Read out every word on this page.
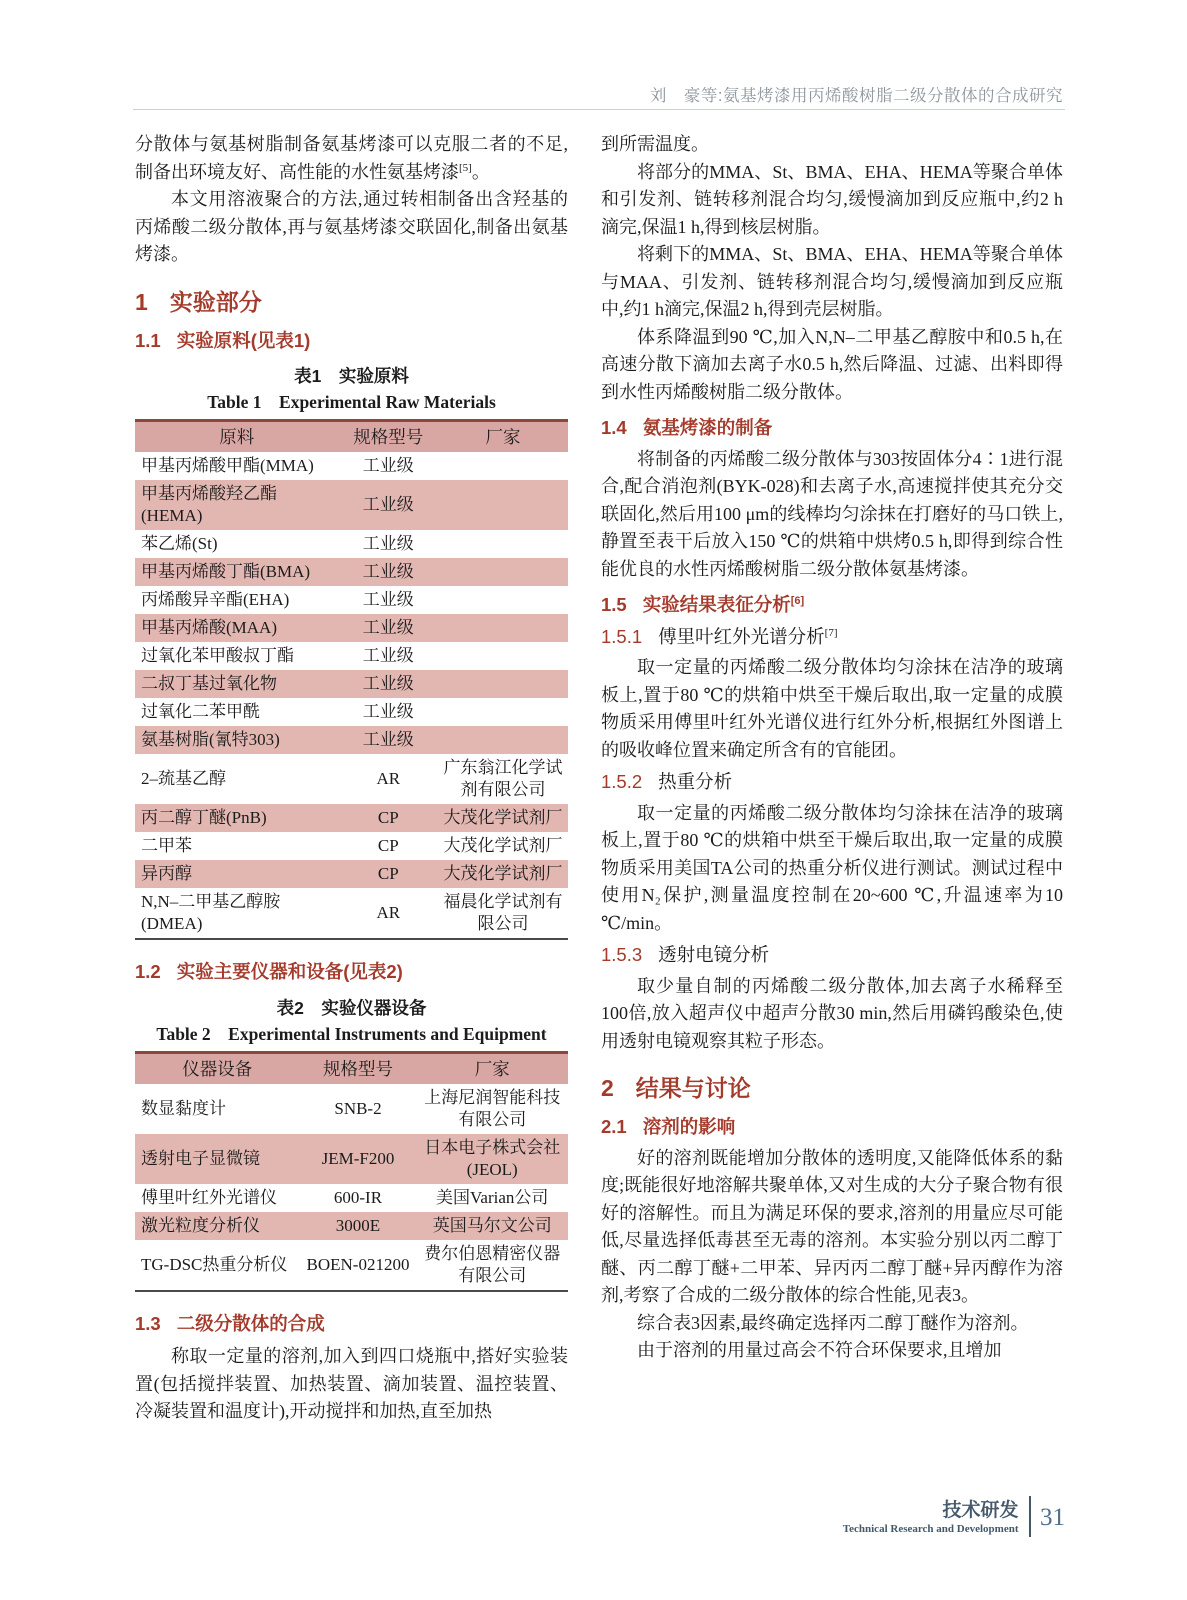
刘　豪等:氨基烤漆用丙烯酸树脂二级分散体的合成研究

分散体与氨基树脂制备氨基烤漆可以克服二者的不足,制备出环境友好、高性能的水性氨基烤漆[5]。

本文用溶液聚合的方法,通过转相制备出含羟基的丙烯酸二级分散体,再与氨基烤漆交联固化,制备出氨基烤漆。

1 实验部分
1.1 实验原料(见表1)
表1　实验原料
Table 1　Experimental Raw Materials
原料	规格型号	厂家
甲基丙烯酸甲酯(MMA)	工业级	
甲基丙烯酸羟乙酯 (HEMA)	工业级	
苯乙烯(St)	工业级	
甲基丙烯酸丁酯(BMA)	工业级	
丙烯酸异辛酯(EHA)	工业级	
甲基丙烯酸(MAA)	工业级	
过氧化苯甲酸叔丁酯	工业级	
二叔丁基过氧化物	工业级	
过氧化二苯甲酰	工业级	
氨基树脂(氰特303)	工业级	
2–巯基乙醇	AR	广东翁江化学试剂有限公司
丙二醇丁醚(PnB)	CP	大茂化学试剂厂
二甲苯	CP	大茂化学试剂厂
异丙醇	CP	大茂化学试剂厂
N,N–二甲基乙醇胺 (DMEA)	AR	福晨化学试剂有限公司
1.2 实验主要仪器和设备(见表2)
表2　实验仪器设备
Table 2　Experimental Instruments and Equipment
仪器设备	规格型号	厂家
数显黏度计	SNB-2	上海尼润智能科技有限公司
透射电子显微镜	JEM-F200	日本电子株式会社 (JEOL)
傅里叶红外光谱仪	600-IR	美国Varian公司
激光粒度分析仪	3000E	英国马尔文公司
TG-DSC热重分析仪	BOEN-021200	费尔伯恩精密仪器有限公司
1.3 二级分散体的合成

称取一定量的溶剂,加入到四口烧瓶中,搭好实验装置(包括搅拌装置、加热装置、滴加装置、温控装置、冷凝装置和温度计),开动搅拌和加热,直至加热

到所需温度。

将部分的MMA、St、BMA、EHA、HEMA等聚合单体和引发剂、链转移剂混合均匀,缓慢滴加到反应瓶中,约2 h滴完,保温1 h,得到核层树脂。

将剩下的MMA、St、BMA、EHA、HEMA等聚合单体与MAA、引发剂、链转移剂混合均匀,缓慢滴加到反应瓶中,约1 h滴完,保温2 h,得到壳层树脂。

体系降温到90 ℃,加入N,N–二甲基乙醇胺中和0.5 h,在高速分散下滴加去离子水0.5 h,然后降温、过滤、出料即得到水性丙烯酸树脂二级分散体。

1.4 氨基烤漆的制备

将制备的丙烯酸二级分散体与303按固体分4∶1进行混合,配合消泡剂(BYK-028)和去离子水,高速搅拌使其充分交联固化,然后用100 μm的线棒均匀涂抹在打磨好的马口铁上,静置至表干后放入150 ℃的烘箱中烘烤0.5 h,即得到综合性能优良的水性丙烯酸树脂二级分散体氨基烤漆。

1.5 实验结果表征分析[6]
1.5.1 傅里叶红外光谱分析[7]

取一定量的丙烯酸二级分散体均匀涂抹在洁净的玻璃板上,置于80 ℃的烘箱中烘至干燥后取出,取一定量的成膜物质采用傅里叶红外光谱仪进行红外分析,根据红外图谱上的吸收峰位置来确定所含有的官能团。

1.5.2 热重分析

取一定量的丙烯酸二级分散体均匀涂抹在洁净的玻璃板上,置于80 ℃的烘箱中烘至干燥后取出,取一定量的成膜物质采用美国TA公司的热重分析仪进行测试。测试过程中使用N₂保护,测量温度控制在20~600 ℃,升温速率为10 ℃/min。

1.5.3 透射电镜分析

取少量自制的丙烯酸二级分散体,加去离子水稀释至100倍,放入超声仪中超声分散30 min,然后用磷钨酸染色,使用透射电镜观察其粒子形态。

2 结果与讨论
2.1 溶剂的影响

好的溶剂既能增加分散体的透明度,又能降低体系的黏度;既能很好地溶解共聚单体,又对生成的大分子聚合物有很好的溶解性。而且为满足环保的要求,溶剂的用量应尽可能低,尽量选择低毒甚至无毒的溶剂。本实验分别以丙二醇丁醚、丙二醇丁醚+二甲苯、异丙丙二醇丁醚+异丙醇作为溶剂,考察了合成的二级分散体的综合性能,见表3。

综合表3因素,最终确定选择丙二醇丁醚作为溶剂。

由于溶剂的用量过高会不符合环保要求,且增加

技术研发
Technical Research and Development 31
